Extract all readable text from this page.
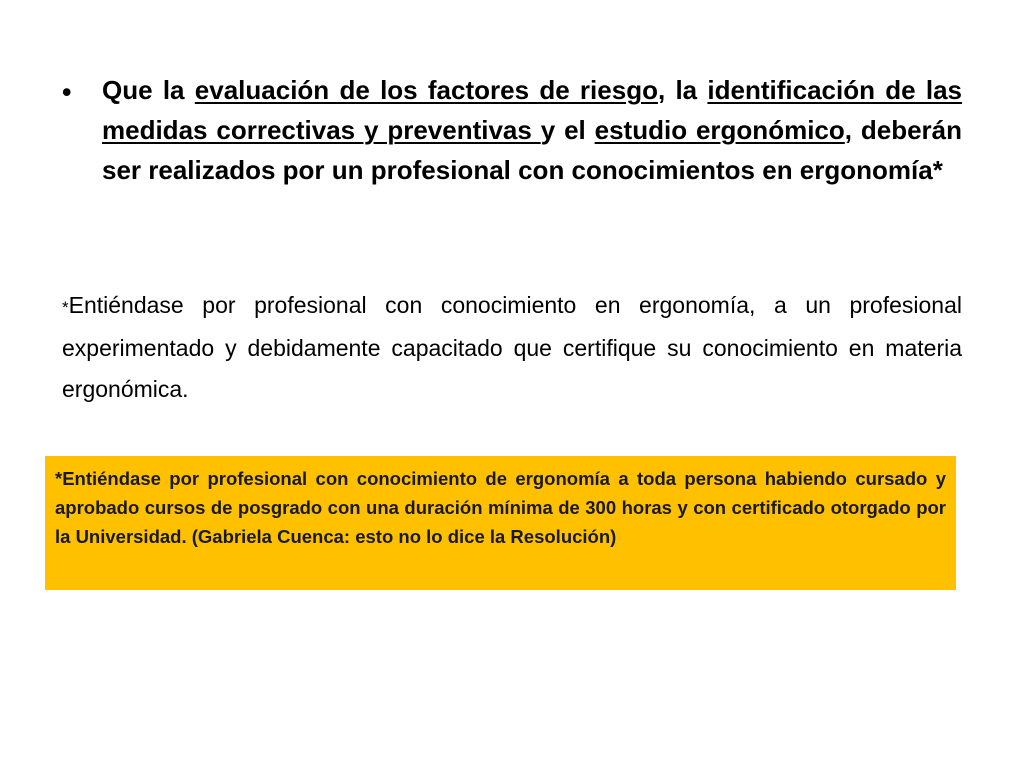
• Que la evaluación de los factores de riesgo, la identificación de las medidas correctivas y preventivas y el estudio ergonómico, deberán ser realizados por un profesional con conocimientos en ergonomía*
*Entiéndase por profesional con conocimiento en ergonomía, a un profesional experimentado y debidamente capacitado que certifique su conocimiento en materia ergonómica.

*Entiéndase por profesional con conocimiento de ergonomía a toda persona habiendo cursado y aprobado cursos de posgrado con una duración mínima de 300 horas y con certificado otorgado por la Universidad. (Gabriela Cuenca: esto no lo dice la Resolución)
